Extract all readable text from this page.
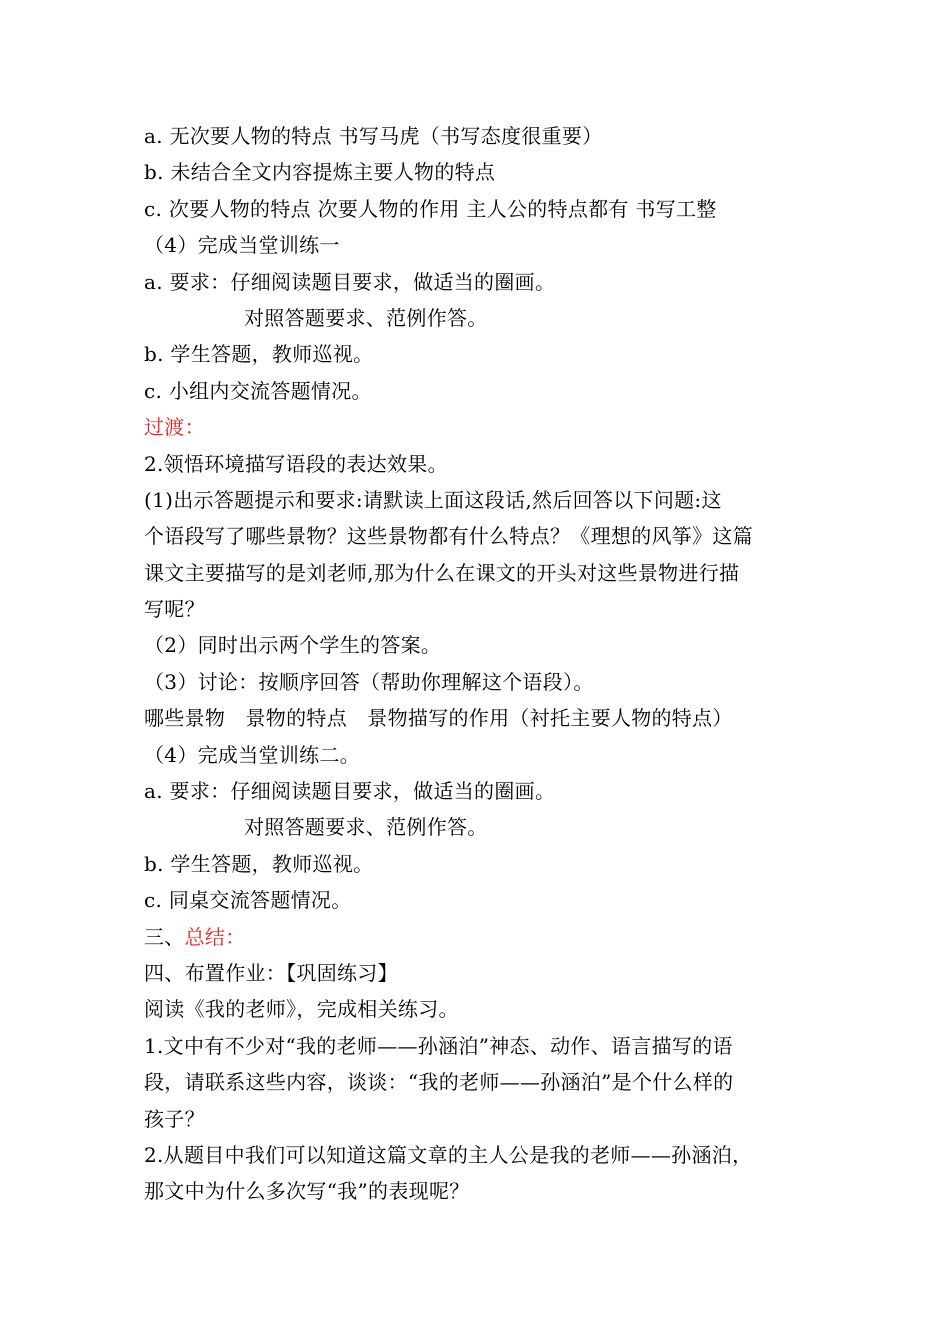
a. 无次要人物的特点 书写马虎（书写态度很重要）
b. 未结合全文内容提炼主要人物的特点
c. 次要人物的特点 次要人物的作用 主人公的特点都有 书写工整
（4）完成当堂训练一
a. 要求：仔细阅读题目要求，做适当的圈画。
对照答题要求、范例作答。
b. 学生答题，教师巡视。
c. 小组内交流答题情况。
过渡：
2.领悟环境描写语段的表达效果。
(1)出示答题提示和要求:请默读上面这段话,然后回答以下问题:这
个语段写了哪些景物？这些景物都有什么特点？《理想的风筝》这篇
课文主要描写的是刘老师,那为什么在课文的开头对这些景物进行描
写呢？
（2）同时出示两个学生的答案。
（3）讨论：按顺序回答（帮助你理解这个语段）。
哪些景物　景物的特点　景物描写的作用（衬托主要人物的特点）
（4）完成当堂训练二。
a. 要求：仔细阅读题目要求，做适当的圈画。
对照答题要求、范例作答。
b. 学生答题，教师巡视。
c. 同桌交流答题情况。
三、总结：
四、布置作业：【巩固练习】
阅读《我的老师》，完成相关练习。
1.文中有不少对“我的老师——孙涵泊”神态、动作、语言描写的语
段，请联系这些内容，谈谈：“我的老师——孙涵泊”是个什么样的
孩子？
2.从题目中我们可以知道这篇文章的主人公是我的老师——孙涵泊，
那文中为什么多次写“我”的表现呢？
